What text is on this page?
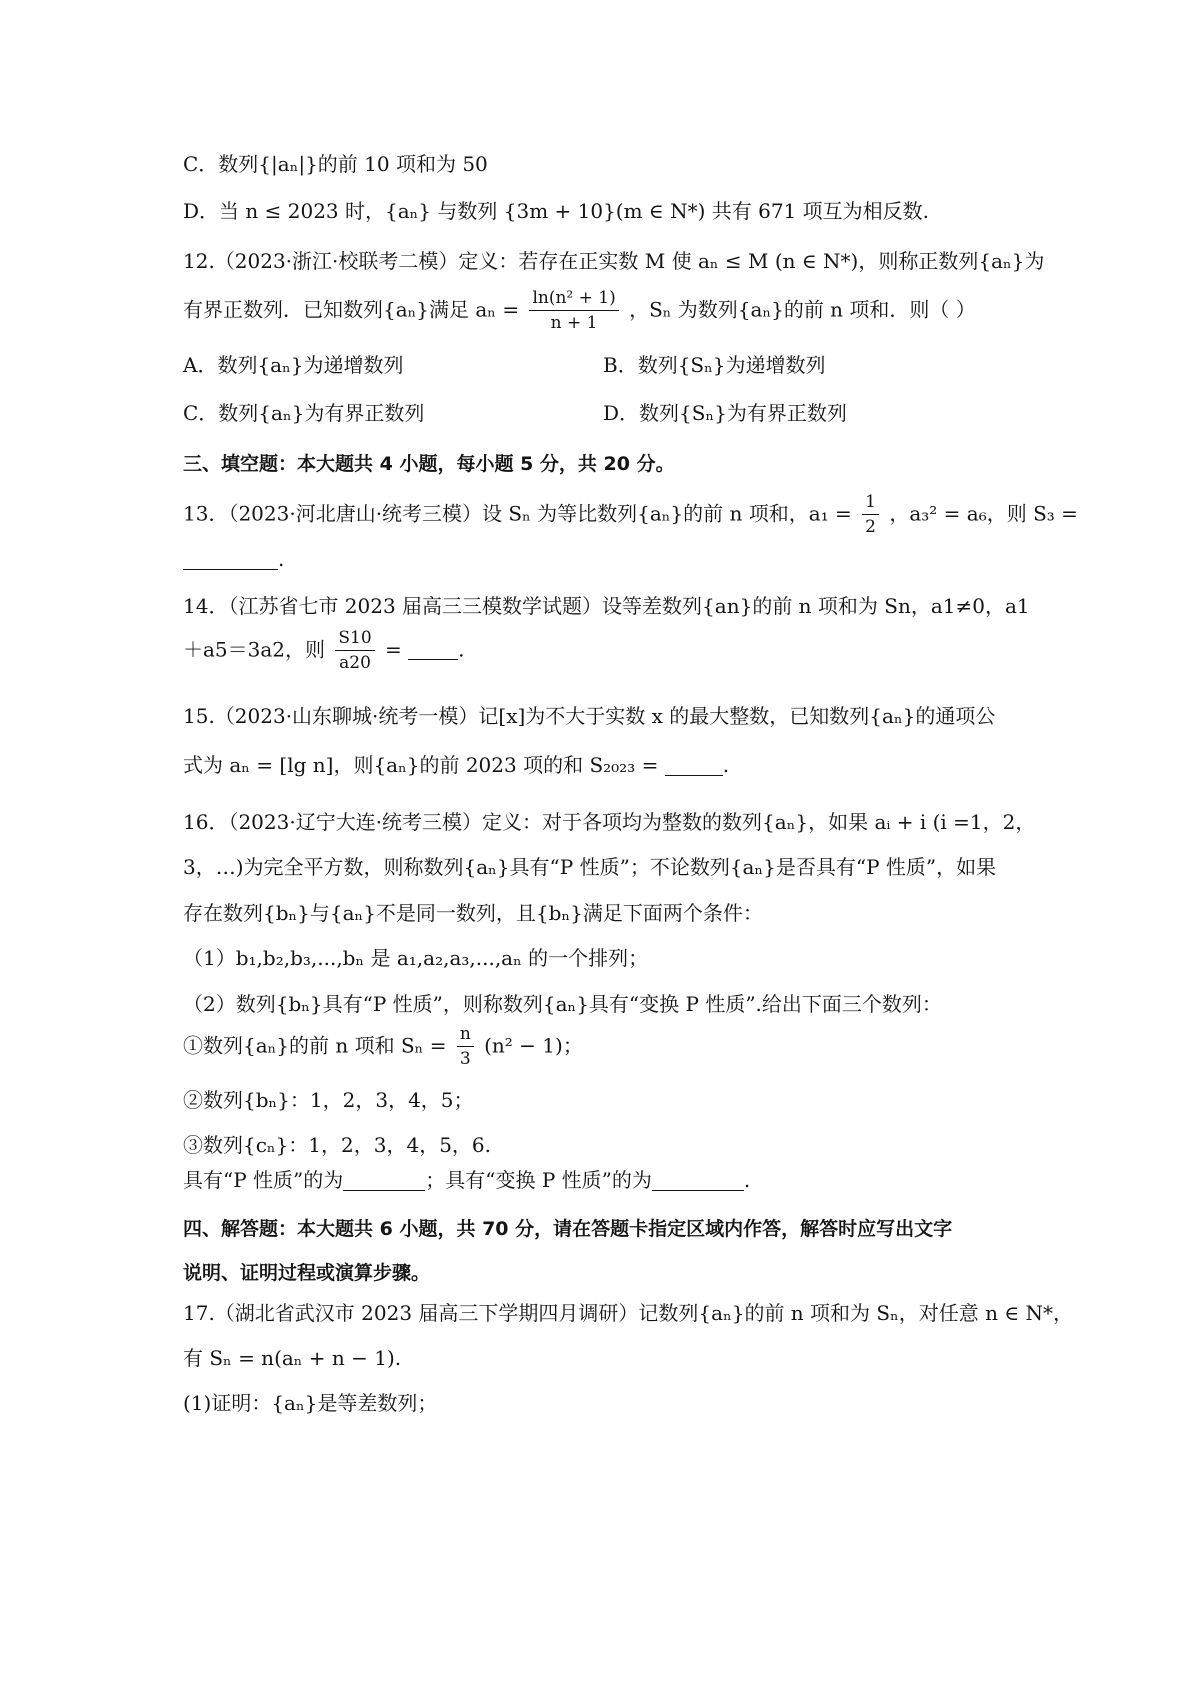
C．数列{|aₙ|}的前 10 项和为 50
D．当 n ≤ 2023 时，{aₙ} 与数列 {3m + 10}(m ∈ N*) 共有 671 项互为相反数.
12.（2023·浙江·校联考二模）定义：若存在正实数 M 使 aₙ ≤ M (n ∈ N*)，则称正数列{aₙ}为
有界正数列．已知数列{aₙ}满足 $a_n = \frac{\text{ln(n² + 1)}}{n + 1}$ ，Sₙ 为数列{aₙ}的前 n 项和．则（ ）
A．数列{aₙ}为递增数列	B．数列{Sₙ}为递增数列
C．数列{aₙ}为有界正数列	D．数列{Sₙ}为有界正数列
三、填空题：本大题共 4 小题，每小题 5 分，共 20 分。
13．（2023·河北唐山·统考三模）设 Sₙ 为等比数列{aₙ}的前 n 项和，$a_1 = \frac{1}{2}$ ，a₃² = a₆，则 S₃ =
.
14．（江苏省七市 2023 届高三三模数学试题）设等差数列{an}的前 n 项和为 Sn，a1≠0，a1
＋a5＝3a2，则 $\frac{S10}{a20}$ =	.
15.（2023·山东聊城·统考一模）记[x]为不大于实数 x 的最大整数，已知数列{aₙ}的通项公
式为 aₙ = [lg n]，则{aₙ}的前 2023 项的和 S₂₀₂₃ =	.
16．（2023·辽宁大连·统考三模）定义：对于各项均为整数的数列{aₙ}，如果 aᵢ + i (i =1，2，
3，…)为完全平方数，则称数列{aₙ}具有“P 性质”；不论数列{aₙ}是否具有“P 性质”，如果
存在数列{bₙ}与{aₙ}不是同一数列，且{bₙ}满足下面两个条件：
（1）b₁,b₂,b₃,...,bₙ 是 a₁,a₂,a₃,...,aₙ 的一个排列；
（2）数列{bₙ}具有“P 性质”，则称数列{aₙ}具有“变换 P 性质”.给出下面三个数列：
①数列{aₙ}的前 n 项和 $S_n = \frac{n}{3} (n^2 - 1)$；
②数列{bₙ}：1，2，3，4，5；
③数列{cₙ}：1，2，3，4，5，6.
具有“P 性质”的为	；具有“变换 P 性质”的为	.
四、解答题：本大题共 6 小题，共 70 分，请在答题卡指定区域内作答，解答时应写出文字
说明、证明过程或演算步骤。
17.（湖北省武汉市 2023 届高三下学期四月调研）记数列{aₙ}的前 n 项和为 Sₙ，对任意 n ∈ N*，
有 Sₙ = n(aₙ + n − 1).
(1)证明：{aₙ}是等差数列；
